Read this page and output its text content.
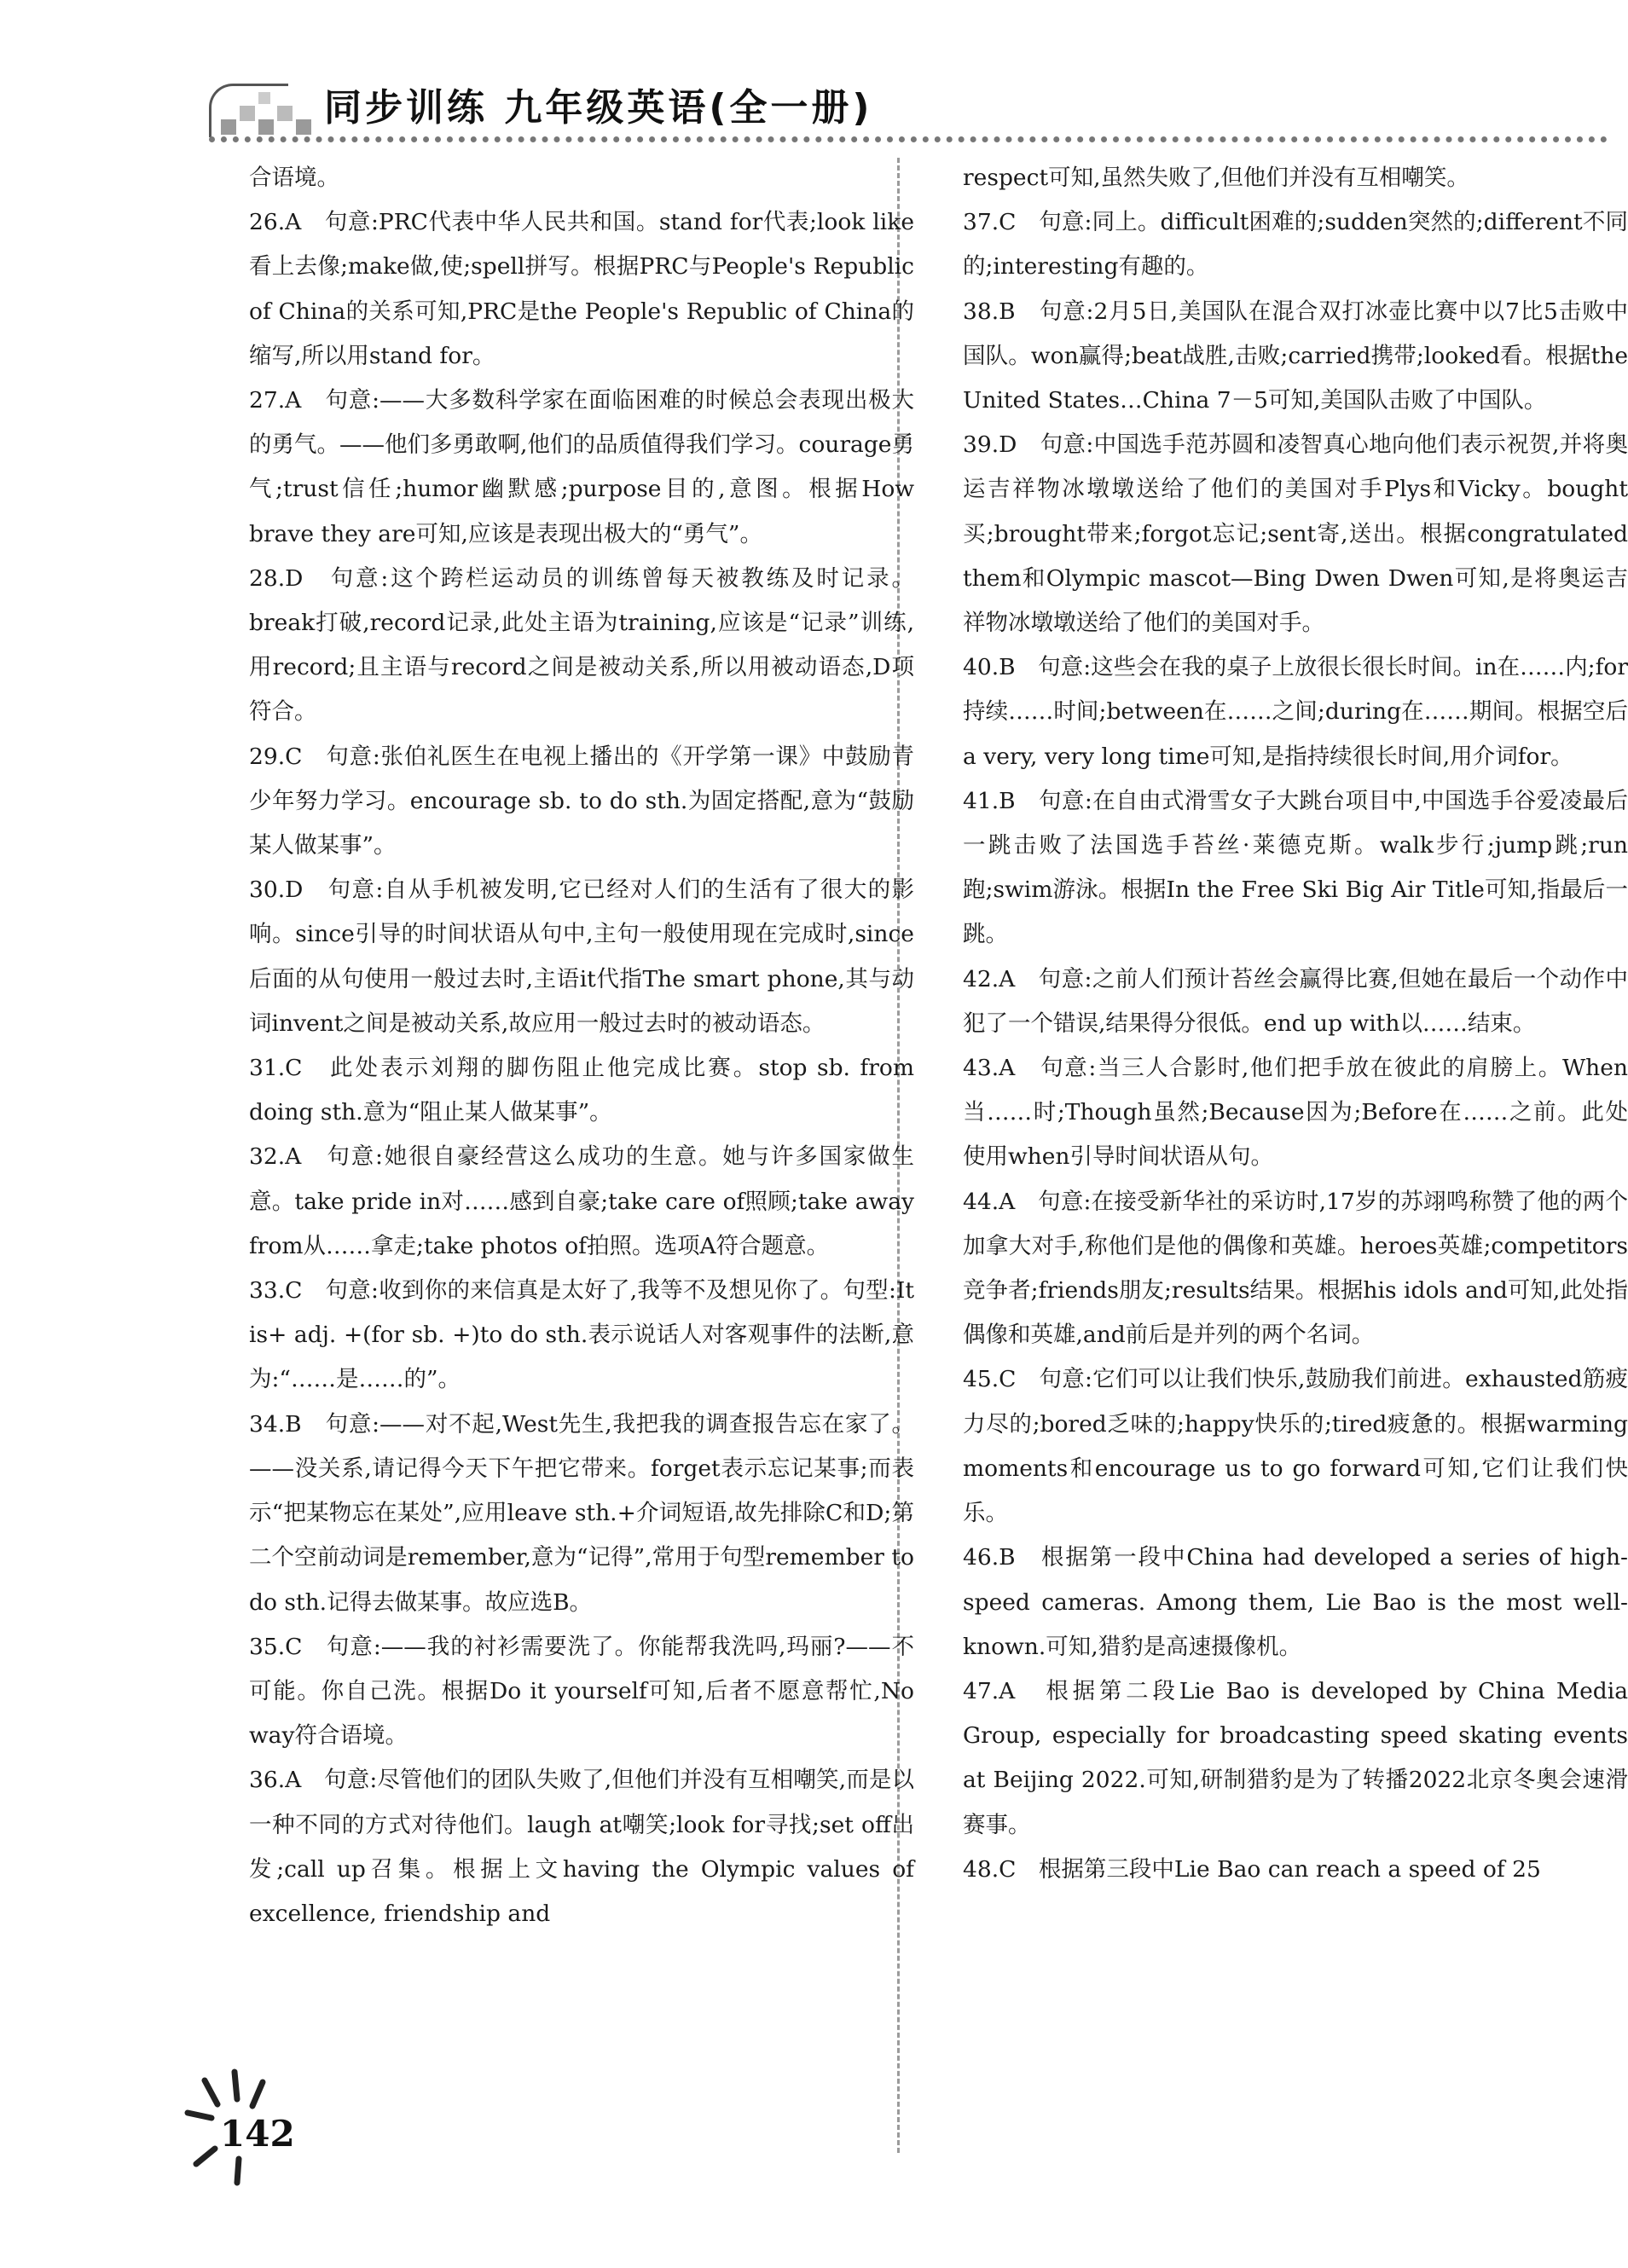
同步训练 九年级英语(全一册)

合语境。

26.A　句意:PRC代表中华人民共和国。stand for代表;look like看上去像;make做,使;spell拼写。根据PRC与People's Republic of China的关系可知,PRC是the People's Republic of China的缩写,所以用stand for。

27.A　句意:——大多数科学家在面临困难的时候总会表现出极大的勇气。——他们多勇敢啊,他们的品质值得我们学习。courage勇气;trust信任;humor幽默感;purpose目的,意图。根据How brave they are可知,应该是表现出极大的“勇气”。

28.D　句意:这个跨栏运动员的训练曾每天被教练及时记录。break打破,record记录,此处主语为training,应该是“记录”训练,用record;且主语与record之间是被动关系,所以用被动语态,D项符合。

29.C　句意:张伯礼医生在电视上播出的《开学第一课》中鼓励青少年努力学习。encourage sb. to do sth.为固定搭配,意为“鼓励某人做某事”。

30.D　句意:自从手机被发明,它已经对人们的生活有了很大的影响。since引导的时间状语从句中,主句一般使用现在完成时,since后面的从句使用一般过去时,主语it代指The smart phone,其与动词invent之间是被动关系,故应用一般过去时的被动语态。

31.C　此处表示刘翔的脚伤阻止他完成比赛。stop sb. from doing sth.意为“阻止某人做某事”。

32.A　句意:她很自豪经营这么成功的生意。她与许多国家做生意。take pride in对……感到自豪;take care of照顾;take away from从……拿走;take photos of拍照。选项A符合题意。

33.C　句意:收到你的来信真是太好了,我等不及想见你了。句型:It is+ adj. +(for sb. +)to do sth.表示说话人对客观事件的法断,意为:“……是……的”。

34.B　句意:——对不起,West先生,我把我的调查报告忘在家了。——没关系,请记得今天下午把它带来。forget表示忘记某事;而表示“把某物忘在某处”,应用leave sth.+介词短语,故先排除C和D;第二个空前动词是remember,意为“记得”,常用于句型remember to do sth.记得去做某事。故应选B。

35.C　句意:——我的衬衫需要洗了。你能帮我洗吗,玛丽?——不可能。你自己洗。根据Do it yourself可知,后者不愿意帮忙,No way符合语境。

36.A　句意:尽管他们的团队失败了,但他们并没有互相嘲笑,而是以一种不同的方式对待他们。laugh at嘲笑;look for寻找;set off出发;call up召集。根据上文having the Olympic values of excellence, friendship and

respect可知,虽然失败了,但他们并没有互相嘲笑。

37.C　句意:同上。difficult困难的;sudden突然的;different不同的;interesting有趣的。

38.B　句意:2月5日,美国队在混合双打冰壶比赛中以7比5击败中国队。won赢得;beat战胜,击败;carried携带;looked看。根据the United States…China 7－5可知,美国队击败了中国队。

39.D　句意:中国选手范苏圆和凌智真心地向他们表示祝贺,并将奥运吉祥物冰墩墩送给了他们的美国对手Plys和Vicky。bought买;brought带来;forgot忘记;sent寄,送出。根据congratulated them和Olympic mascot—Bing Dwen Dwen可知,是将奥运吉祥物冰墩墩送给了他们的美国对手。

40.B　句意:这些会在我的桌子上放很长很长时间。in在……内;for持续……时间;between在……之间;during在……期间。根据空后a very, very long time可知,是指持续很长时间,用介词for。

41.B　句意:在自由式滑雪女子大跳台项目中,中国选手谷爱凌最后一跳击败了法国选手苔丝·莱德克斯。walk步行;jump跳;run跑;swim游泳。根据In the Free Ski Big Air Title可知,指最后一跳。

42.A　句意:之前人们预计苔丝会赢得比赛,但她在最后一个动作中犯了一个错误,结果得分很低。end up with以……结束。

43.A　句意:当三人合影时,他们把手放在彼此的肩膀上。When当……时;Though虽然;Because因为;Before在……之前。此处使用when引导时间状语从句。

44.A　句意:在接受新华社的采访时,17岁的苏翊鸣称赞了他的两个加拿大对手,称他们是他的偶像和英雄。heroes英雄;competitors竞争者;friends朋友;results结果。根据his idols and可知,此处指偶像和英雄,and前后是并列的两个名词。

45.C　句意:它们可以让我们快乐,鼓励我们前进。exhausted筋疲力尽的;bored乏味的;happy快乐的;tired疲惫的。根据warming moments和encourage us to go forward可知,它们让我们快乐。

46.B　根据第一段中China had developed a series of high-speed cameras. Among them, Lie Bao is the most well-known.可知,猎豹是高速摄像机。

47.A　根据第二段Lie Bao is developed by China Media Group, especially for broadcasting speed skating events at Beijing 2022.可知,研制猎豹是为了转播2022北京冬奥会速滑赛事。

48.C　根据第三段中Lie Bao can reach a speed of 25

142
